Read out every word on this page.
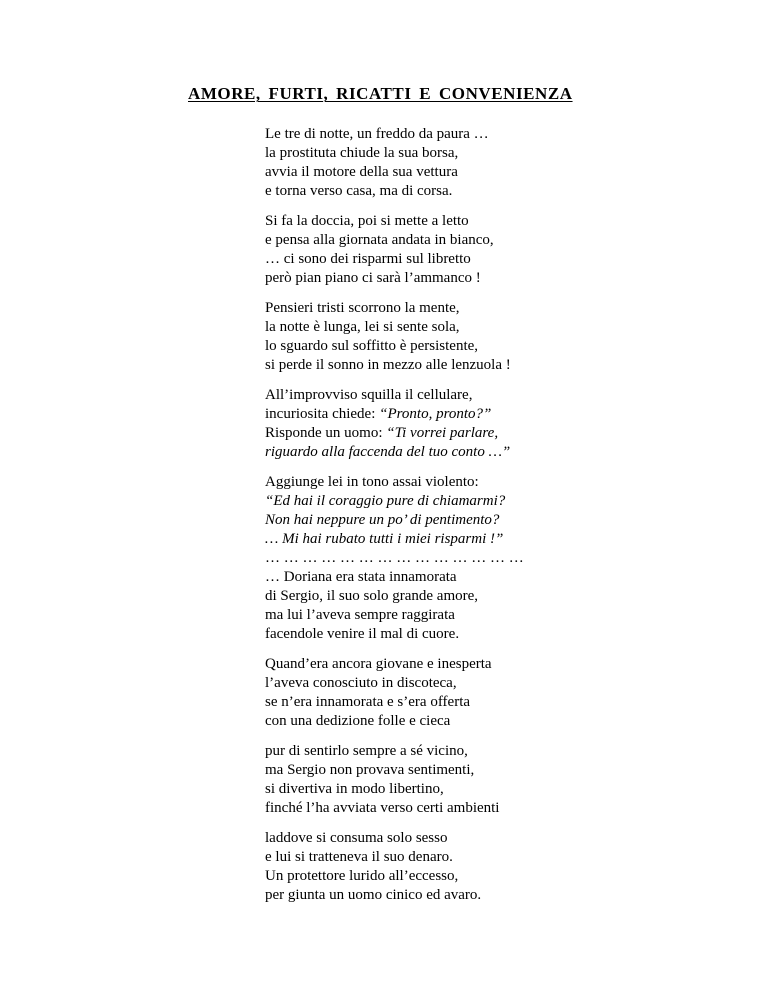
AMORE, FURTI, RICATTI E CONVENIENZA
Le tre di notte, un freddo da paura …
la prostituta chiude la sua borsa,
avvia il motore della sua vettura
e torna verso casa, ma di corsa.
Si fa la doccia, poi si mette a letto
e pensa alla giornata andata in bianco,
… ci sono dei risparmi sul libretto
però pian piano ci sarà l’ammanco !
Pensieri tristi scorrono la mente,
la notte è lunga, lei si sente sola,
lo sguardo sul soffitto è persistente,
si perde il sonno in mezzo alle lenzuola !
All’improvviso squilla il cellulare,
incuriosita chiede: “Pronto, pronto?”
Risponde un uomo: “Ti vorrei parlare,
riguardo alla faccenda del tuo conto …”
Aggiunge lei in tono assai violento:
“Ed hai il coraggio pure di chiamarmi?
Non hai neppure un po’ di pentimento?
… Mi hai rubato tutti i miei risparmi !”
… … … … … … … … … … … … … …
… Doriana era stata innamorata
di Sergio, il suo solo grande amore,
ma lui l’aveva sempre raggirata
facendole venire il mal di cuore.
Quand’era ancora giovane e inesperta
l’aveva conosciuto in discoteca,
se n’era innamorata e s’era offerta
con una dedizione folle e cieca
pur di sentirlo sempre a sé vicino,
ma Sergio non provava sentimenti,
si divertiva in modo libertino,
finché l’ha avviata verso certi ambienti
laddove si consuma solo sesso
e lui si tratteneva il suo denaro.
Un protettore lurido all’eccesso,
per giunta un uomo cinico ed avaro.
